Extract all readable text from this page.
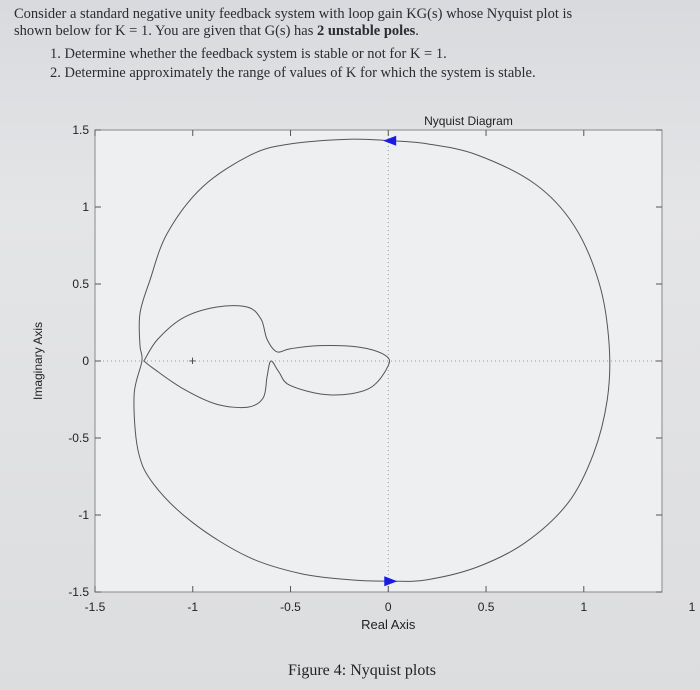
Consider a standard negative unity feedback system with loop gain KG(s) whose Nyquist plot is
shown below for K = 1. You are given that G(s) has 2 unstable poles.

1. Determine whether the feedback system is stable or not for K = 1.
2. Determine approximately the range of values of K for which the system is stable.
-1.5	-1	-0.5	0	0.5	1	1
1.5
1
0.5
0
-0.5
-1
-1.5
Nyquist Diagram
Real Axis
Imaginary Axis	+
Figure 4: Nyquist plots
